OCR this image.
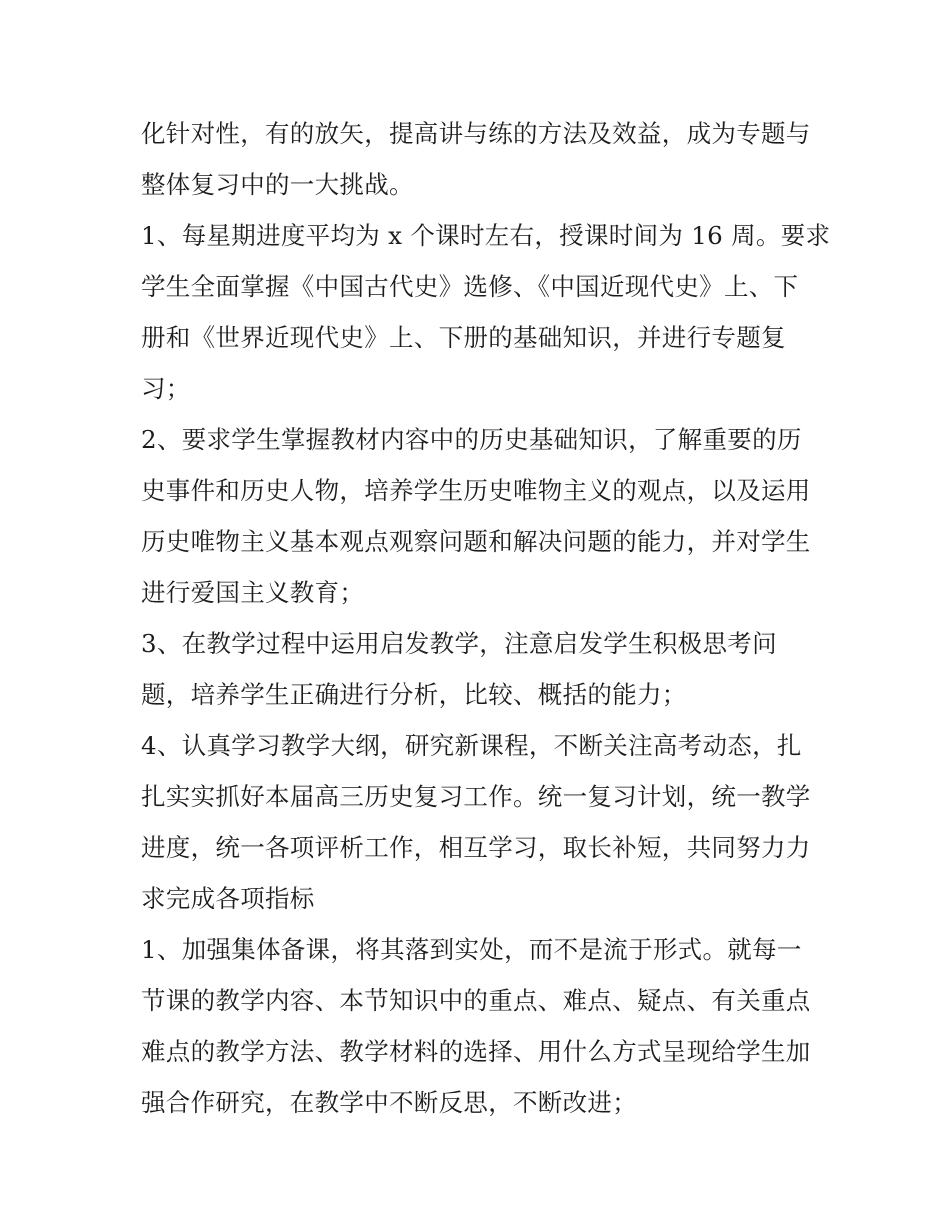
化针对性，有的放矢，提高讲与练的方法及效益，成为专题与
整体复习中的一大挑战。
1、每星期进度平均为 x 个课时左右，授课时间为 16 周。要求
学生全面掌握《中国古代史》选修、《中国近现代史》上、下
册和《世界近现代史》上、下册的基础知识，并进行专题复
习；
2、要求学生掌握教材内容中的历史基础知识，了解重要的历
史事件和历史人物，培养学生历史唯物主义的观点，以及运用
历史唯物主义基本观点观察问题和解决问题的能力，并对学生
进行爱国主义教育；
3、在教学过程中运用启发教学，注意启发学生积极思考问
题，培养学生正确进行分析，比较、概括的能力；
4、认真学习教学大纲，研究新课程，不断关注高考动态，扎
扎实实抓好本届高三历史复习工作。统一复习计划，统一教学
进度，统一各项评析工作，相互学习，取长补短，共同努力力
求完成各项指标
1、加强集体备课，将其落到实处，而不是流于形式。就每一
节课的教学内容、本节知识中的重点、难点、疑点、有关重点
难点的教学方法、教学材料的选择、用什么方式呈现给学生加
强合作研究，在教学中不断反思，不断改进；
